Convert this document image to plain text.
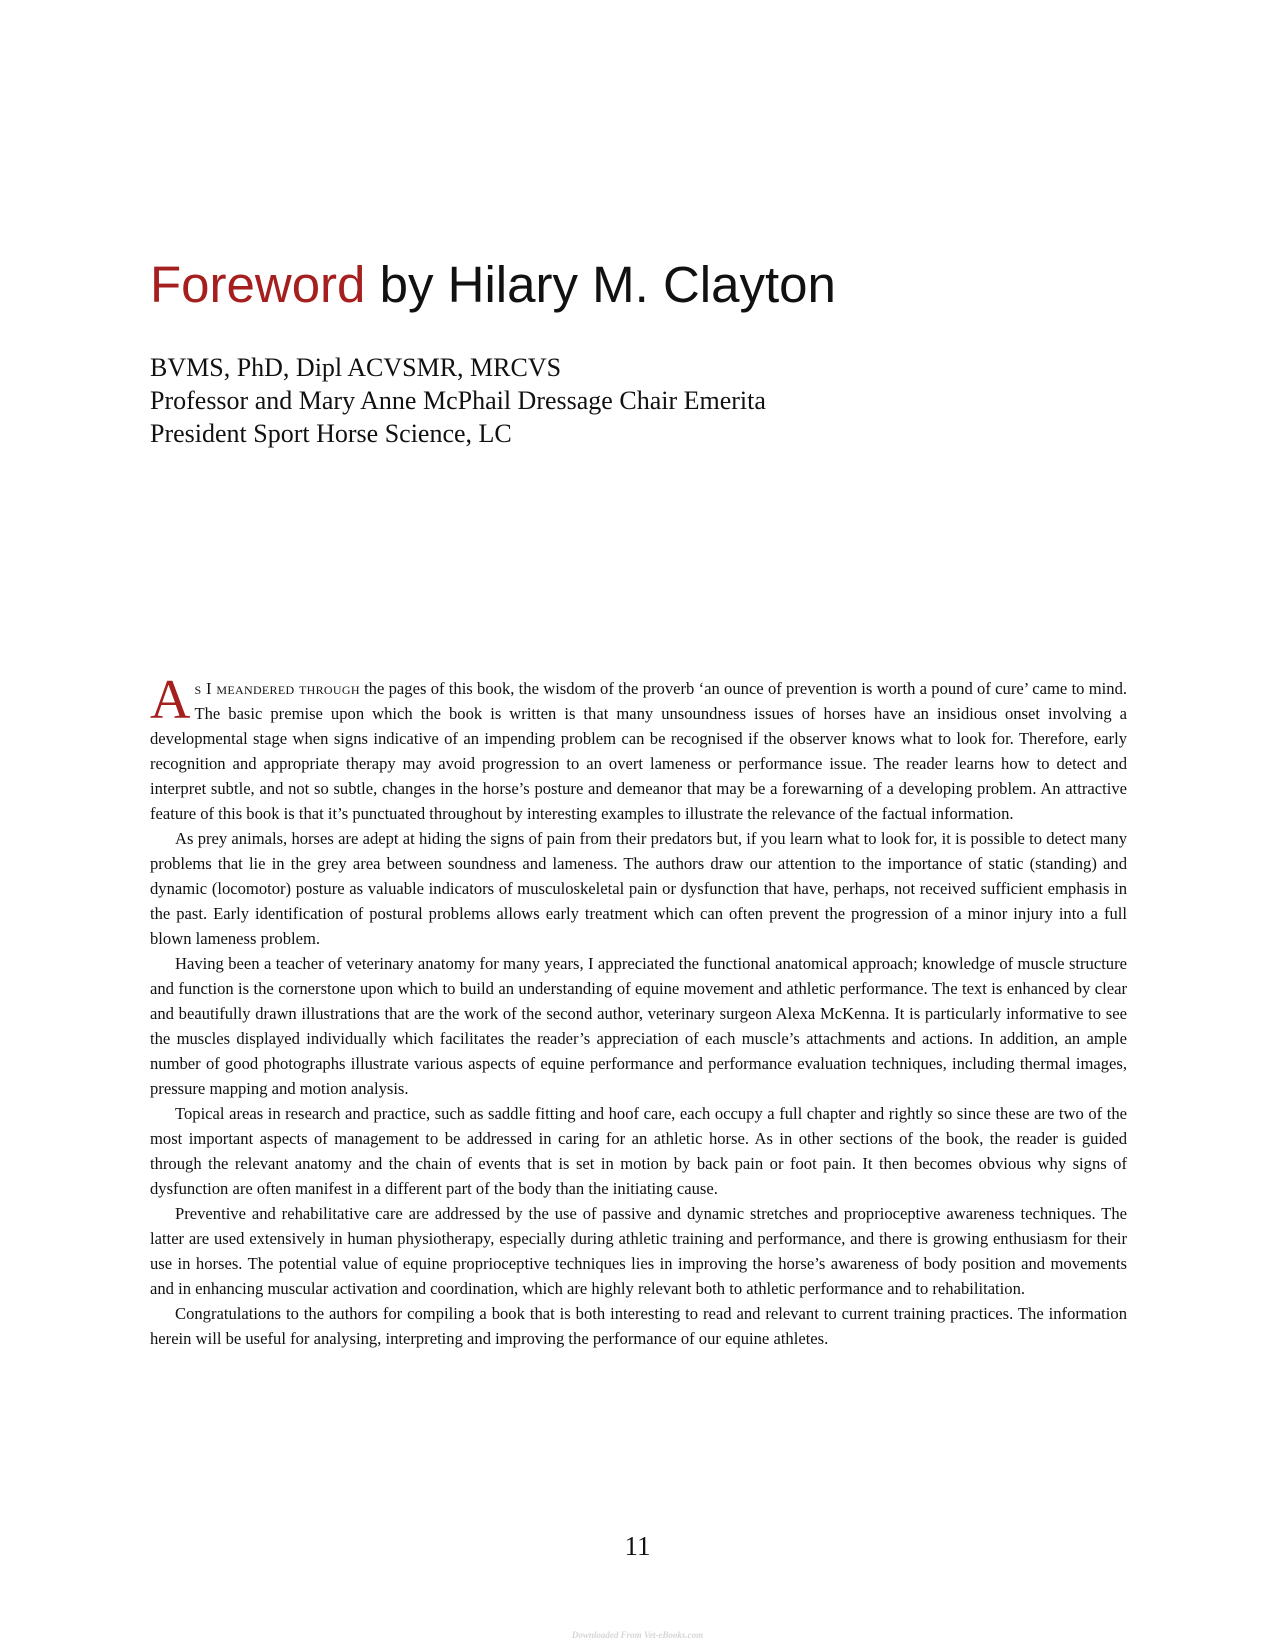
Foreword by Hilary M. Clayton
BVMS, PhD, Dipl ACVSMR, MRCVS
Professor and Mary Anne McPhail Dressage Chair Emerita
President Sport Horse Science, LC

As I meandered through the pages of this book, the wisdom of the proverb ‘an ounce of prevention is worth a pound of cure’ came to mind. The basic premise upon which the book is written is that many unsoundness issues of horses have an insidious onset involving a developmental stage when signs indicative of an impending problem can be recognised if the observer knows what to look for. Therefore, early recognition and appropriate therapy may avoid progression to an overt lameness or performance issue. The reader learns how to detect and interpret subtle, and not so subtle, changes in the horse’s posture and demeanor that may be a forewarning of a developing problem. An attractive feature of this book is that it’s punctuated throughout by interesting examples to illustrate the relevance of the factual information.

As prey animals, horses are adept at hiding the signs of pain from their predators but, if you learn what to look for, it is possible to detect many problems that lie in the grey area between soundness and lameness. The authors draw our attention to the importance of static (standing) and dynamic (locomotor) posture as valuable indicators of musculoskeletal pain or dysfunction that have, perhaps, not received sufficient emphasis in the past. Early identification of postural problems allows early treatment which can often prevent the progression of a minor injury into a full blown lameness problem.

Having been a teacher of veterinary anatomy for many years, I appreciated the functional anatomical approach; knowledge of muscle structure and function is the cornerstone upon which to build an understanding of equine movement and athletic performance. The text is enhanced by clear and beautifully drawn illustrations that are the work of the second author, veterinary surgeon Alexa McKenna. It is particularly informative to see the muscles displayed individually which facilitates the reader’s appreciation of each muscle’s attachments and actions. In addition, an ample number of good photographs illustrate various aspects of equine performance and performance evaluation techniques, including thermal images, pressure mapping and motion analysis.

Topical areas in research and practice, such as saddle fitting and hoof care, each occupy a full chapter and rightly so since these are two of the most important aspects of management to be addressed in caring for an athletic horse. As in other sections of the book, the reader is guided through the relevant anatomy and the chain of events that is set in motion by back pain or foot pain. It then becomes obvious why signs of dysfunction are often manifest in a different part of the body than the initiating cause.

Preventive and rehabilitative care are addressed by the use of passive and dynamic stretches and proprioceptive awareness techniques. The latter are used extensively in human physiotherapy, especially during athletic training and performance, and there is growing enthusiasm for their use in horses. The potential value of equine proprioceptive techniques lies in improving the horse’s awareness of body position and movements and in enhancing muscular activation and coordination, which are highly relevant both to athletic performance and to rehabilitation.

Congratulations to the authors for compiling a book that is both interesting to read and relevant to current training practices. The information herein will be useful for analysing, interpreting and improving the performance of our equine athletes.

11
Downloaded From Vet-eBooks.com
